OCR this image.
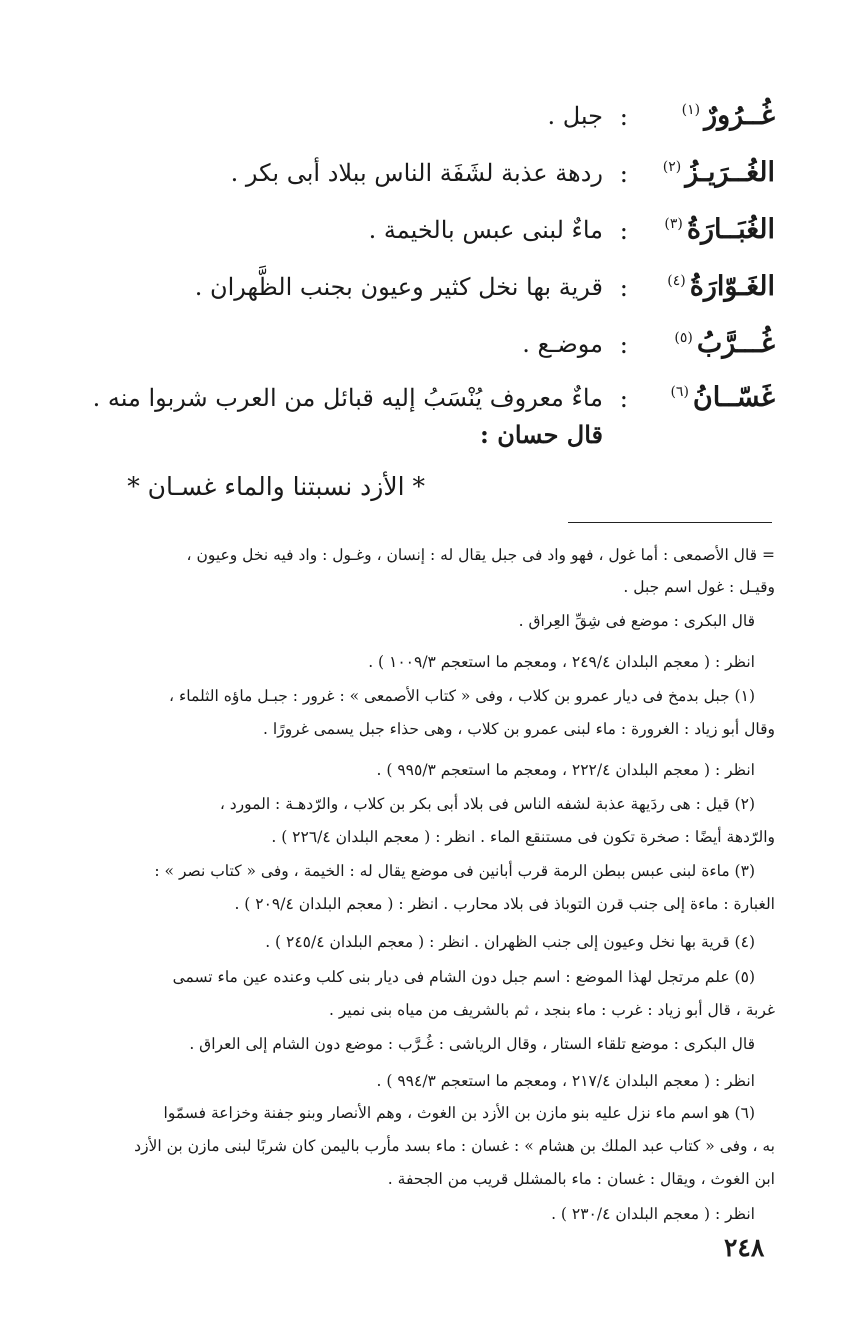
غُــرُورٌ$^{(١)}$
:
جبل .
الغُــرَيـزُ$^{(٢)}$
:
ردهة عذبة لشَفَة الناس ببلاد أبى بكر .
الغُبَــارَةُ$^{(٣)}$
:
ماءٌ لبنى عبس بالخيمة .
الغَـوّارَةُ$^{(٤)}$
:
قرية بها نخل كثير وعيون بجنب الظَّهران .
غُـــرَّبُ$^{(٥)}$
:
موضـع .
غَسّــانُ$^{(٦)}$
:
ماءٌ معروف يُنْسَبُ إليه قبائل من العرب شربوا منه .
قال حسان :
* الأزد نسبتنا والماء غسـان *
= قال الأصمعى : أما غول ، فهو واد فى جبل يقال له : إنسان ، وغـول : واد فيه نخل وعيون ،
وقيـل : غول اسم جبل .
قال البكرى : موضع فى شِقِّ العِراق .
انظر : ( معجم البلدان ٢٤٩/٤ ، ومعجم ما استعجم ١٠٠٩/٣ ) .
(١) جبل بدمخ فى ديار عمرو بن كلاب ، وفى « كتاب الأصمعى » : غرور : جبـل ماؤه الثلماء ،
وقال أبو زياد : الغرورة : ماء لبنى عمرو بن كلاب ، وهى حذاء جبل يسمى غرورًا .
انظر : ( معجم البلدان ٢٢٢/٤ ، ومعجم ما استعجم ٩٩٥/٣ ) .
(٢) قيل : هى ردَيهة عذبة لشفه الناس فى بلاد أبى بكر بن كلاب ، والرّدهـة : المورد ،
والرّدهة أيضًا : صخرة تكون فى مستنقع الماء . انظر : ( معجم البلدان ٢٢٦/٤ ) .
(٣) ماءة لبنى عبس ببطن الرمة قرب أبانين فى موضع يقال له : الخيمة ، وفى « كتاب نصر » :
الغبارة : ماءة إلى جنب قرن التوباذ فى بلاد محارب . انظر : ( معجم البلدان ٢٠٩/٤ ) .
(٤) قرية بها نخل وعيون إلى جنب الظهران . انظر : ( معجم البلدان ٢٤٥/٤ ) .
(٥) علم مرتجل لهذا الموضع : اسم جبل دون الشام فى ديار بنى كلب وعنده عين ماء تسمى
غربة ، قال أبو زياد : غرب : ماء بنجد ، ثم بالشريف من مياه بنى نمير .
قال البكرى : موضع تلقاء الستار ، وقال الرياشى : غُـرَّب : موضع دون الشام إلى العراق .
انظر : ( معجم البلدان ٢١٧/٤ ، ومعجم ما استعجم ٩٩٤/٣ ) .
(٦) هو اسم ماء نزل عليه بنو مازن بن الأزد بن الغوث ، وهم الأنصار وبنو جفنة وخزاعة فسمّوا
به ، وفى « كتاب عبد الملك بن هشام » : غسان : ماء بسد مأرب باليمن كان شربًا لبنى مازن بن الأزد
ابن الغوث ، ويقال : غسان : ماء بالمشلل قريب من الجحفة .
انظر : ( معجم البلدان ٢٣٠/٤ ) .
٢٤٨
